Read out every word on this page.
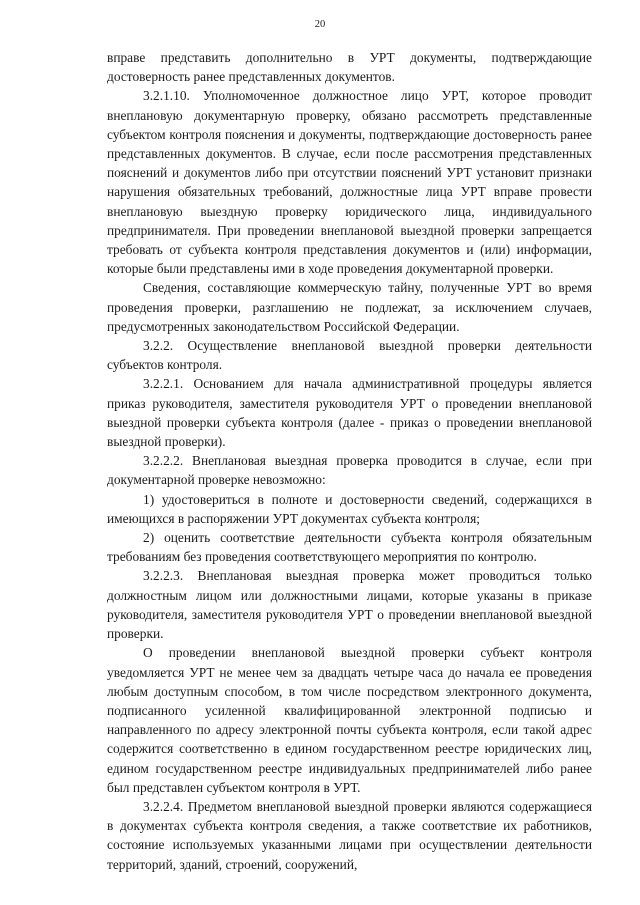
20

вправе представить дополнительно в УРТ документы, подтверждающие достоверность ранее представленных документов.

3.2.1.10. Уполномоченное должностное лицо УРТ, которое проводит внеплановую документарную проверку, обязано рассмотреть представленные субъектом контроля пояснения и документы, подтверждающие достоверность ранее представленных документов. В случае, если после рассмотрения представленных пояснений и документов либо при отсутствии пояснений УРТ установит признаки нарушения обязательных требований, должностные лица УРТ вправе провести внеплановую выездную проверку юридического лица, индивидуального предпринимателя. При проведении внеплановой выездной проверки запрещается требовать от субъекта контроля представления документов и (или) информации, которые были представлены ими в ходе проведения документарной проверки.

Сведения, составляющие коммерческую тайну, полученные УРТ во время проведения проверки, разглашению не подлежат, за исключением случаев, предусмотренных законодательством Российской Федерации.

3.2.2. Осуществление внеплановой выездной проверки деятельности субъектов контроля.

3.2.2.1. Основанием для начала административной процедуры является приказ руководителя, заместителя руководителя УРТ о проведении внеплановой выездной проверки субъекта контроля (далее - приказ о проведении внеплановой выездной проверки).

3.2.2.2. Внеплановая выездная проверка проводится в случае, если при документарной проверке невозможно:

1) удостовериться в полноте и достоверности сведений, содержащихся в имеющихся в распоряжении УРТ документах субъекта контроля;

2) оценить соответствие деятельности субъекта контроля обязательным требованиям без проведения соответствующего мероприятия по контролю.

3.2.2.3. Внеплановая выездная проверка может проводиться только должностным лицом или должностными лицами, которые указаны в приказе руководителя, заместителя руководителя УРТ о проведении внеплановой выездной проверки.

О проведении внеплановой выездной проверки субъект контроля уведомляется УРТ не менее чем за двадцать четыре часа до начала ее проведения любым доступным способом, в том числе посредством электронного документа, подписанного усиленной квалифицированной электронной подписью и направленного по адресу электронной почты субъекта контроля, если такой адрес содержится соответственно в едином государственном реестре юридических лиц, едином государственном реестре индивидуальных предпринимателей либо ранее был представлен субъектом контроля в УРТ.

3.2.2.4. Предметом внеплановой выездной проверки являются содержащиеся в документах субъекта контроля сведения, а также соответствие их работников, состояние используемых указанными лицами при осуществлении деятельности территорий, зданий, строений, сооружений,
